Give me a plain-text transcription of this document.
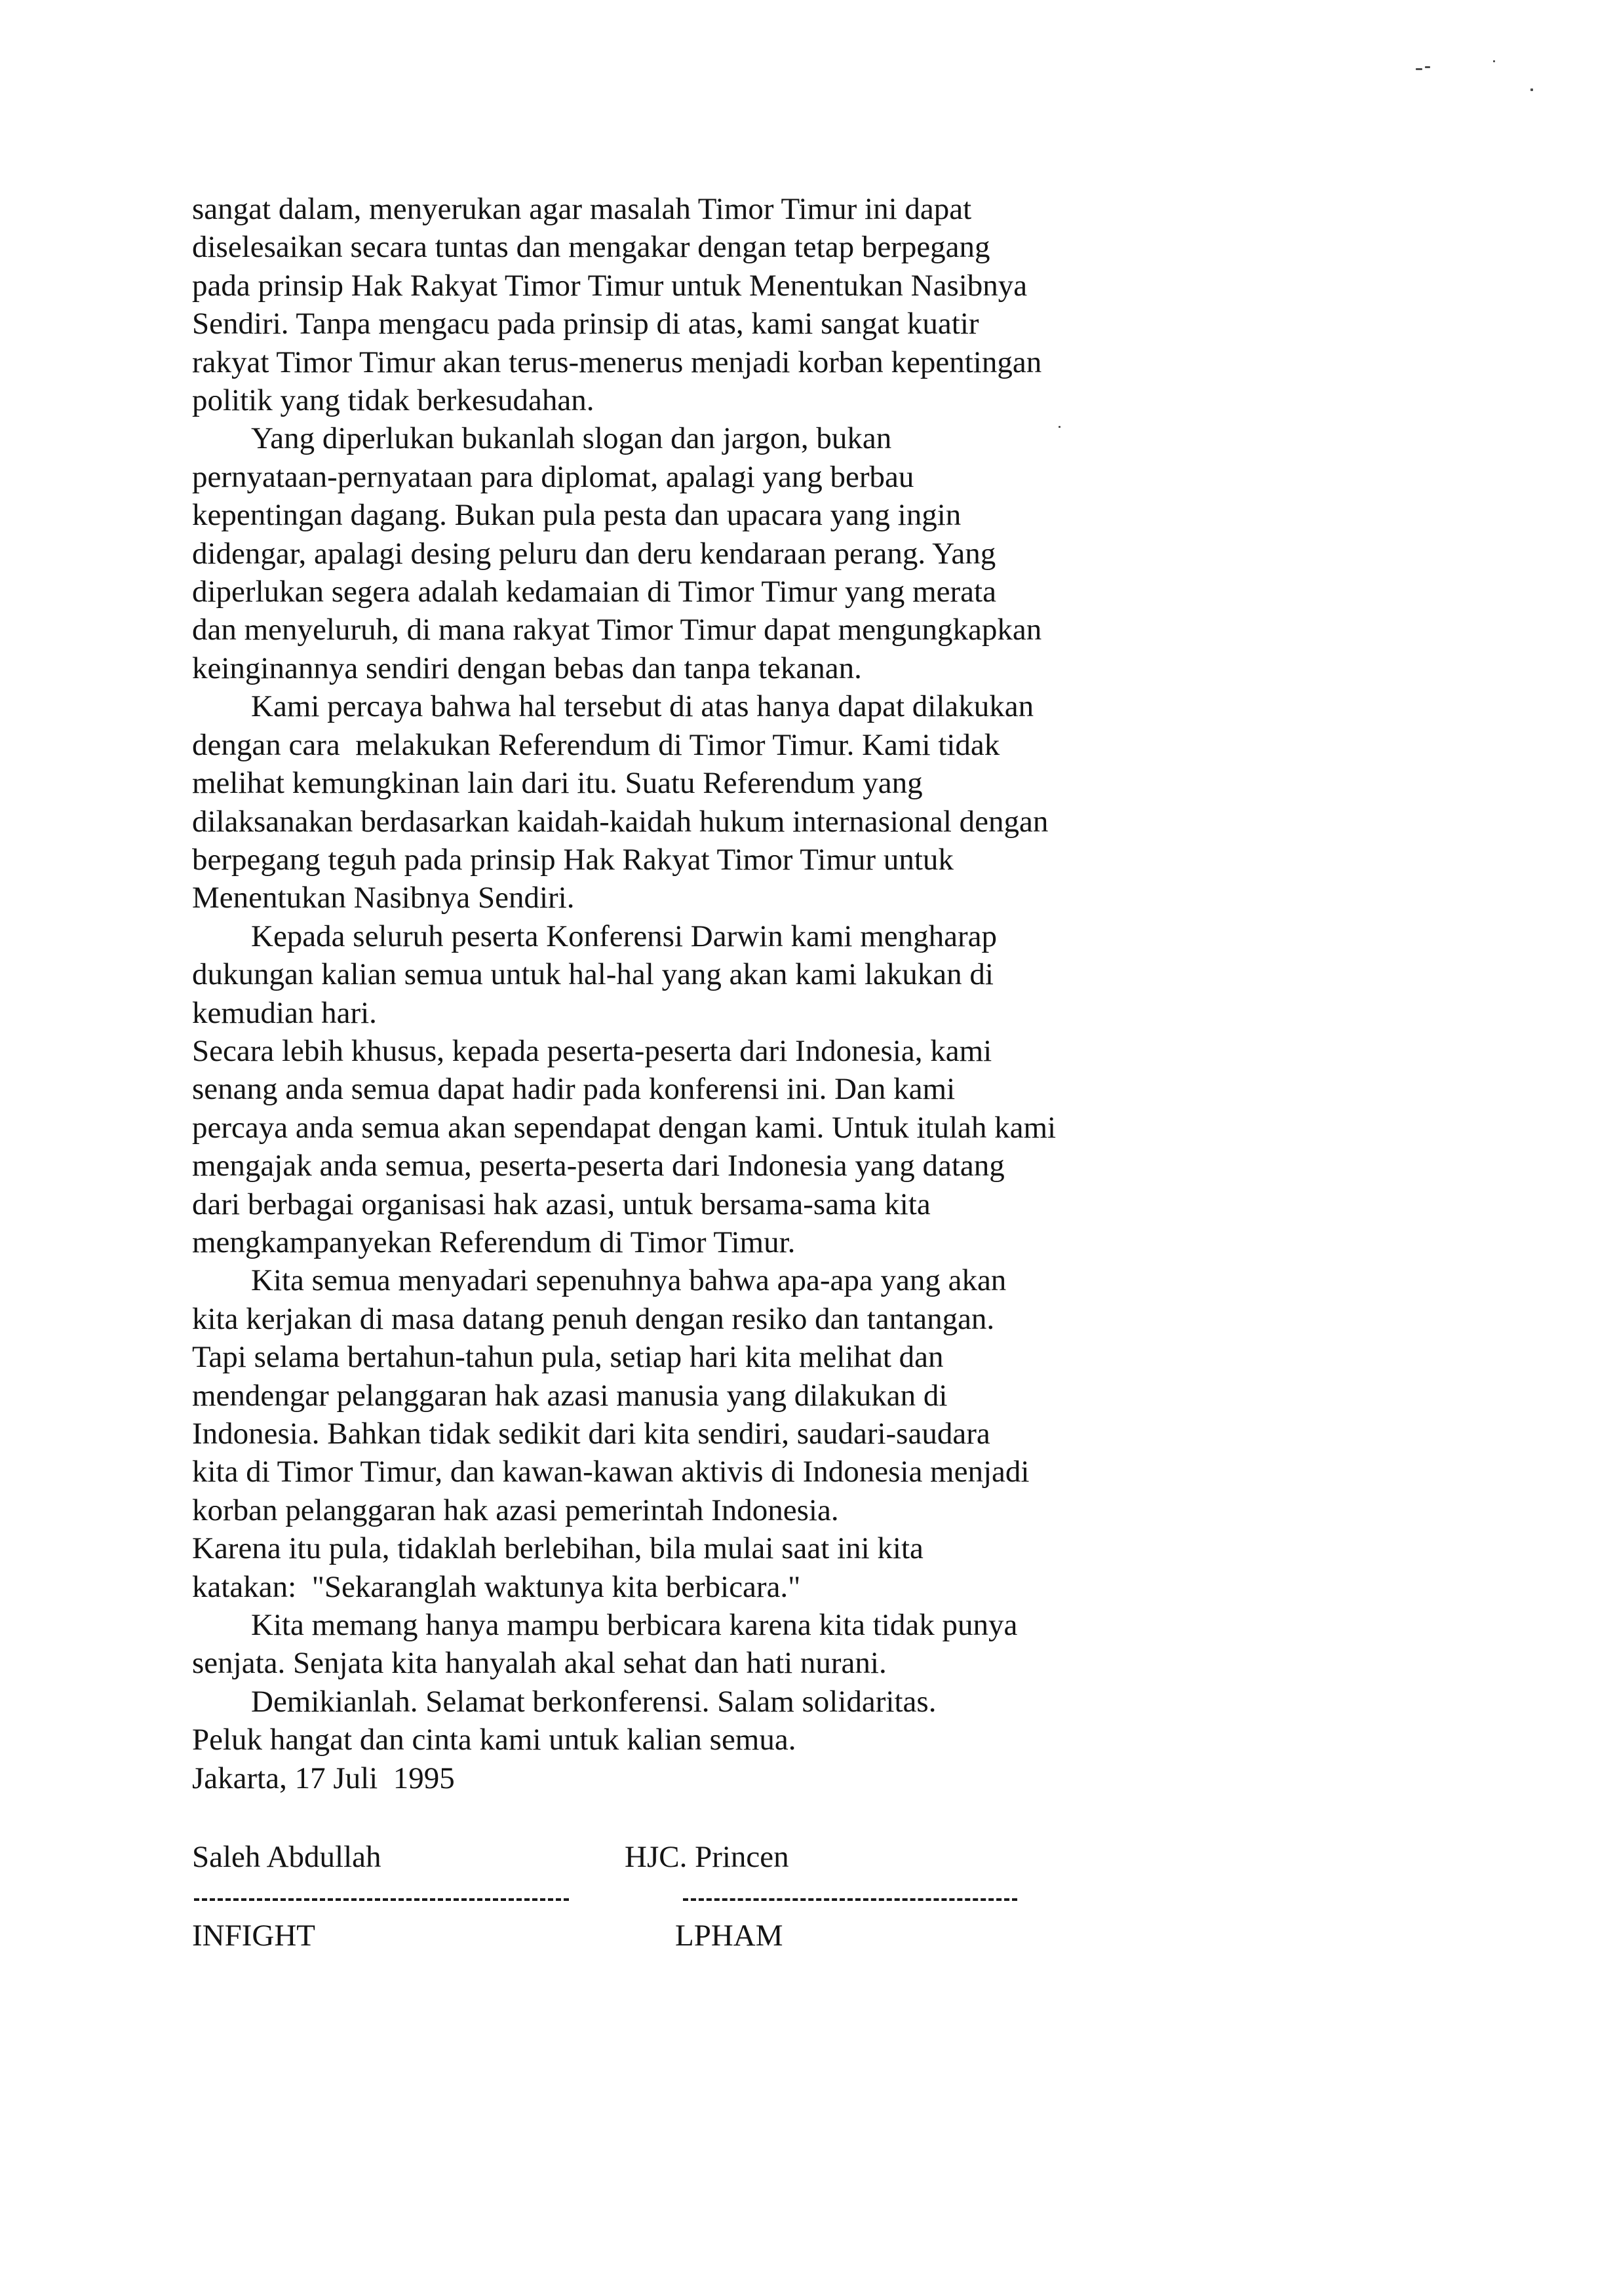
sangat dalam, menyerukan agar masalah Timor Timur ini dapat
diselesaikan secara tuntas dan mengakar dengan tetap berpegang
pada prinsip Hak Rakyat Timor Timur untuk Menentukan Nasibnya
Sendiri. Tanpa mengacu pada prinsip di atas, kami sangat kuatir
rakyat Timor Timur akan terus-menerus menjadi korban kepentingan
politik yang tidak berkesudahan.
Yang diperlukan bukanlah slogan dan jargon, bukan
pernyataan-pernyataan para diplomat, apalagi yang berbau
kepentingan dagang. Bukan pula pesta dan upacara yang ingin
didengar, apalagi desing peluru dan deru kendaraan perang. Yang
diperlukan segera adalah kedamaian di Timor Timur yang merata
dan menyeluruh, di mana rakyat Timor Timur dapat mengungkapkan
keinginannya sendiri dengan bebas dan tanpa tekanan.
Kami percaya bahwa hal tersebut di atas hanya dapat dilakukan
dengan cara  melakukan Referendum di Timor Timur. Kami tidak
melihat kemungkinan lain dari itu. Suatu Referendum yang
dilaksanakan berdasarkan kaidah-kaidah hukum internasional dengan
berpegang teguh pada prinsip Hak Rakyat Timor Timur untuk
Menentukan Nasibnya Sendiri.
Kepada seluruh peserta Konferensi Darwin kami mengharap
dukungan kalian semua untuk hal-hal yang akan kami lakukan di
kemudian hari.
Secara lebih khusus, kepada peserta-peserta dari Indonesia, kami
senang anda semua dapat hadir pada konferensi ini. Dan kami
percaya anda semua akan sependapat dengan kami. Untuk itulah kami
mengajak anda semua, peserta-peserta dari Indonesia yang datang
dari berbagai organisasi hak azasi, untuk bersama-sama kita
mengkampanyekan Referendum di Timor Timur.
Kita semua menyadari sepenuhnya bahwa apa-apa yang akan
kita kerjakan di masa datang penuh dengan resiko dan tantangan.
Tapi selama bertahun-tahun pula, setiap hari kita melihat dan
mendengar pelanggaran hak azasi manusia yang dilakukan di
Indonesia. Bahkan tidak sedikit dari kita sendiri, saudari-saudara
kita di Timor Timur, dan kawan-kawan aktivis di Indonesia menjadi
korban pelanggaran hak azasi pemerintah Indonesia.
Karena itu pula, tidaklah berlebihan, bila mulai saat ini kita
katakan:  "Sekaranglah waktunya kita berbicara."
Kita memang hanya mampu berbicara karena kita tidak punya
senjata. Senjata kita hanyalah akal sehat dan hati nurani.
Demikianlah. Selamat berkonferensi. Salam solidaritas.
Peluk hangat dan cinta kami untuk kalian semua.
Jakarta, 17 Juli  1995
Saleh Abdullah	HJC. Princen
INFIGHT	LPHAM
